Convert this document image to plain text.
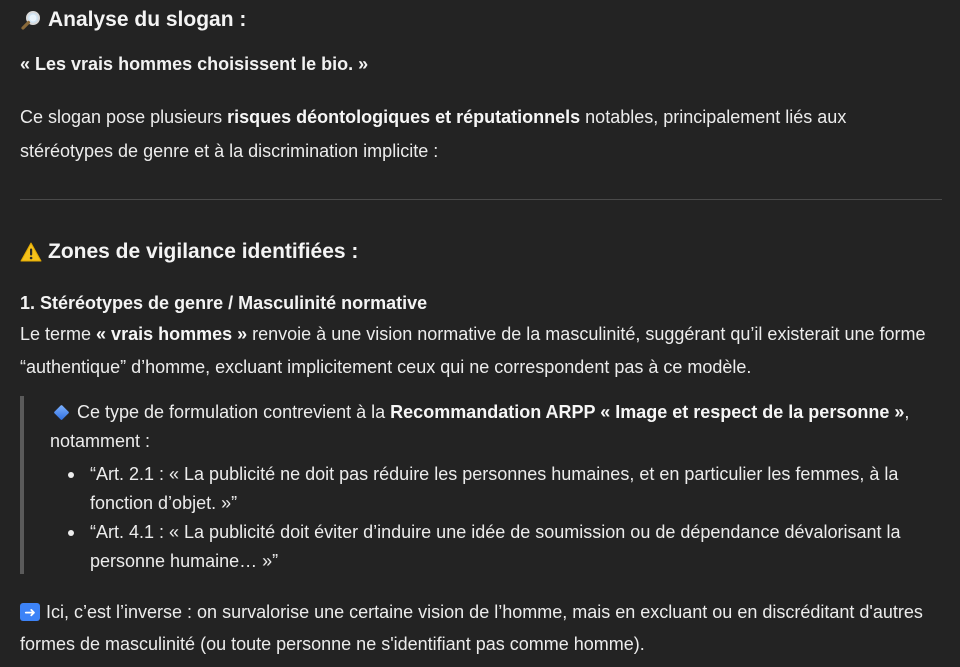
Analyse du slogan :
« Les vrais hommes choisissent le bio. »
Ce slogan pose plusieurs risques déontologiques et réputationnels notables, principalement liés aux stéréotypes de genre et à la discrimination implicite :
Zones de vigilance identifiées :
1. Stéréotypes de genre / Masculinité normative
Le terme « vrais hommes » renvoie à une vision normative de la masculinité, suggérant qu’il existerait une forme “authentique” d’homme, excluant implicitement ceux qui ne correspondent pas à ce modèle.
Ce type de formulation contrevient à la Recommandation ARPP « Image et respect de la personne », notamment :
“Art. 2.1 : « La publicité ne doit pas réduire les personnes humaines, et en particulier les femmes, à la fonction d’objet. »”
“Art. 4.1 : « La publicité doit éviter d’induire une idée de soumission ou de dépendance dévalorisant la personne humaine… »”
➜ Ici, c’est l’inverse : on survalorise une certaine vision de l’homme, mais en excluant ou en discréditant d'autres formes de masculinité (ou toute personne ne s'identifiant pas comme homme).
